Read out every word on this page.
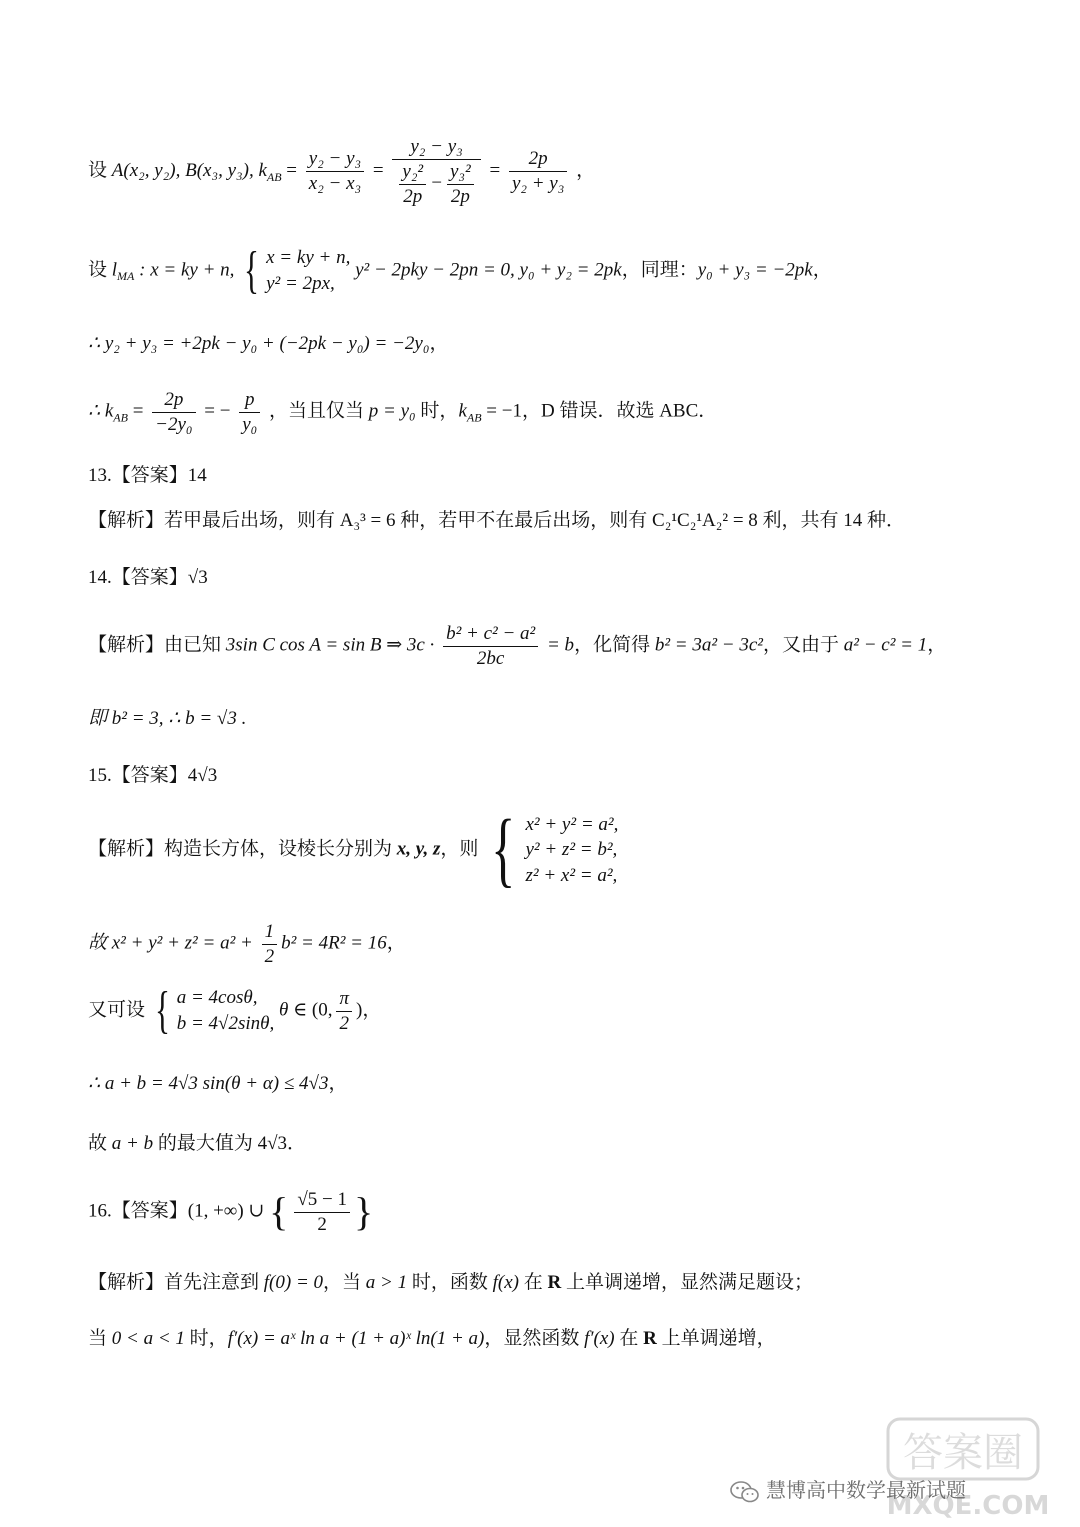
设 A(x₂, y₂), B(x₃, y₃), $k_{AB} = \frac{\text{y₂ − y₃}}{\text{x₂ − x₃}} = \frac{\text{y₂ − y₃}}{\frac{\text{y₂²}}{2p} - \frac{\text{y₃²}}{2p}} = \frac{2p}{\text{y₂ + y₃}}$ ，
设 $l_{MA}$ : x = ky + n, { x = ky + n,
y² = 2px,
y² − 2pky − 2pn = 0, y₀ + y₂ = 2pk，同理：y₀ + y₃ = −2pk，
∴ y₂ + y₃ = +2pk − y₀ + (−2pk − y₀) = −2y₀，
∴ $k_{AB} = \frac{2p}{\text{−2y₀}}$ = − $\frac{p}{\text{y₀}}$ ，当且仅当 p = y₀ 时，$k_{AB} = -1$，D 错误．故选 ABC．
13.【答案】14
【解析】若甲最后出场，则有 A₃³ = 6 种，若甲不在最后出场，则有 C₂¹C₂¹A₂² = 8 利，共有 14 种．
14.【答案】√3
【解析】由已知 3sin C cos A = sin B ⇒ $3c \cdot \frac{\text{b² + c² − a²}}{2bc} = b$，化简得 b² = 3a² − 3c²，又由于 a² − c² = 1，
即 b² = 3, ∴ b = √3 .
15.【答案】4√3
【解析】构造长方体，设棱长分别为 x, y, z，则 { x² + y² = a²,
y² + z² = b²,
z² + x² = a²,
故 $x^2 + y^2 + z^2 = a^2 + \frac{1}{2} b^2 = 4R^2 = 16$，
又可设 { a = 4cosθ,
b = 4√2sinθ,
θ ∈ (0, $\frac{\pi}{2}$ )，
∴ a + b = 4√3 sin(θ + α) ≤ 4√3，
故 a + b 的最大值为 4√3．
16.【答案】(1, +∞) ∪ { $\frac{√5 - 1}{2}$ }
【解析】首先注意到 f(0) = 0，当 a > 1 时，函数 f(x) 在 R 上单调递增，显然满足题设；
当 0 < a < 1 时，f′(x) = aˣ ln a + (1 + a)ˣ ln(1 + a)，显然函数 f′(x) 在 R 上单调递增，
答案圈
MXQE.COM
慧博高中数学最新试题
